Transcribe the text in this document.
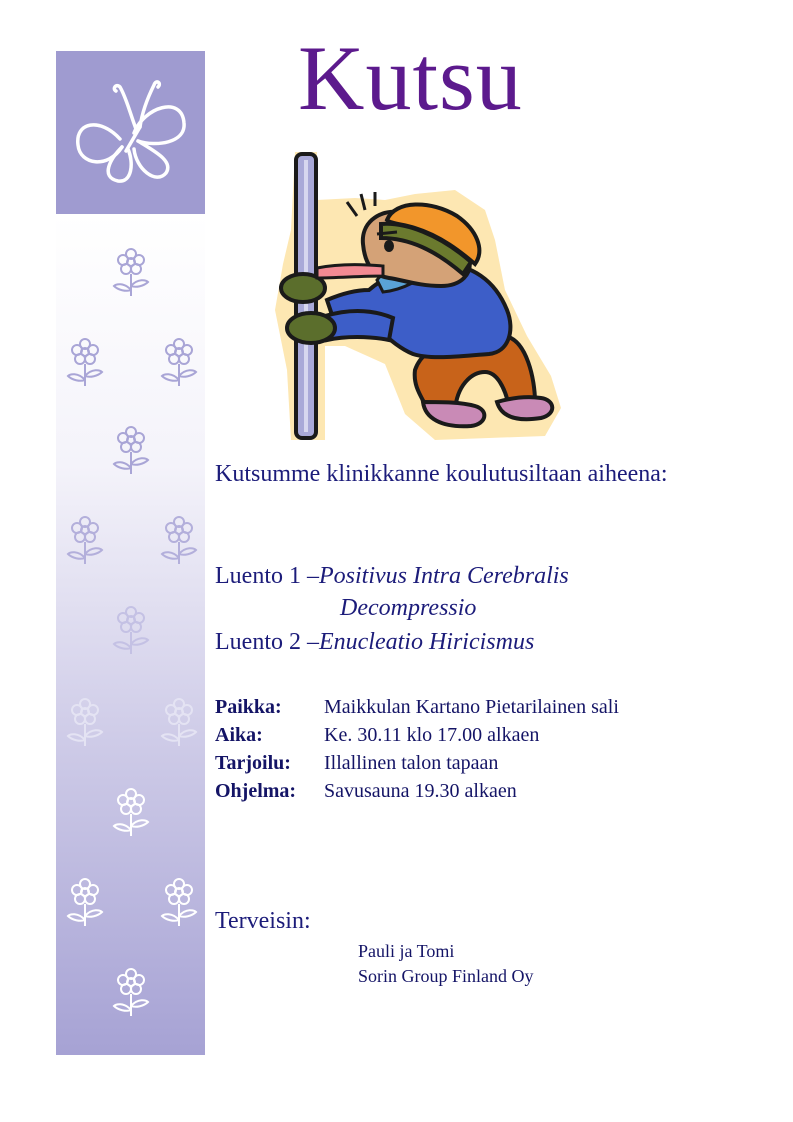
Kutsu
Kutsumme klinikkanne koulutusiltaan aiheena:
Luento 1 –Positivus Intra Cerebralis
Decompressio
Luento 2 –Enucleatio Hiricismus
Paikka: Maikkulan Kartano Pietarilainen sali
Aika:	Ke. 30.11 klo 17.00 alkaen
Tarjoilu: Illallinen talon tapaan
Ohjelma: Savusauna 19.30 alkaen
Terveisin:
Pauli ja Tomi
Sorin Group Finland Oy
